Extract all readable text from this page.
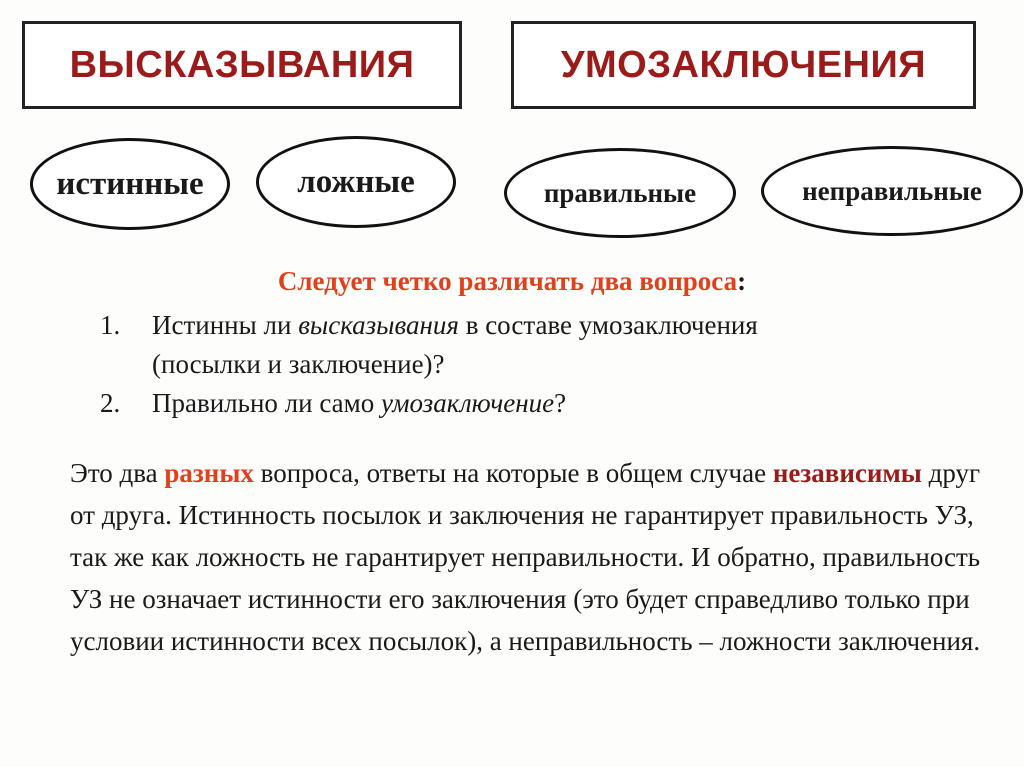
ВЫСКАЗЫВАНИЯ	УМОЗАКЛЮЧЕНИЯ
истинные	ложные	правильные	неправильные
Следует четко различать два вопроса:
1.	Истинны ли высказывания в составе умозаключения
(посылки и заключение)?
2.	Правильно ли само умозаключение?
Это два разных вопроса, ответы на которые в общем случае независимы друг от друга. Истинность посылок и заключения не гарантирует правильность УЗ, так же как ложность не гарантирует неправильности. И обратно, правильность УЗ не означает истинности его заключения (это будет справедливо только при условии истинности всех посылок), а неправильность – ложности заключения.
